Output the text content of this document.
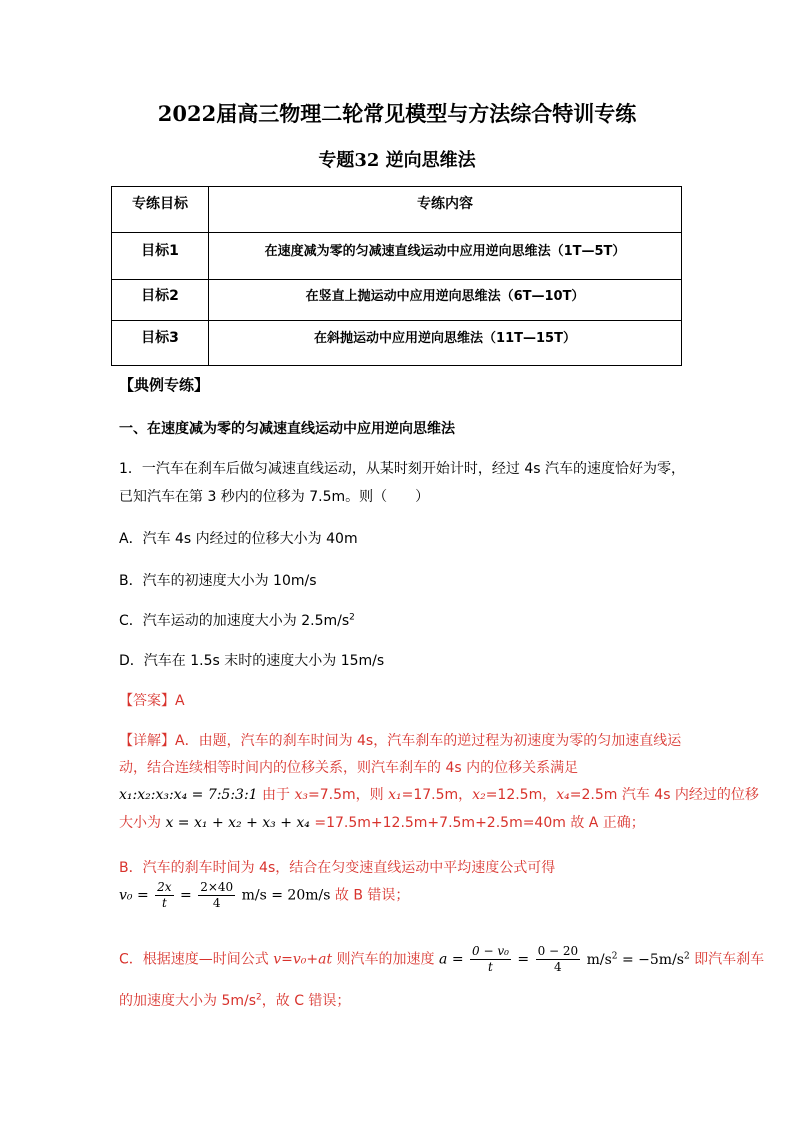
2022届高三物理二轮常见模型与方法综合特训专练
专题32 逆向思维法
专练目标	专练内容

目标1	在速度减为零的匀减速直线运动中应用逆向思维法（1T—5T）

目标2	在竖直上抛运动中应用逆向思维法（6T—10T）

目标3	在斜抛运动中应用逆向思维法（11T—15T）
【典例专练】
一、在速度减为零的匀减速直线运动中应用逆向思维法
1．一汽车在刹车后做匀减速直线运动，从某时刻开始计时，经过 4s 汽车的速度恰好为零，
已知汽车在第 3 秒内的位移为 7.5m。则（　　）
A．汽车 4s 内经过的位移大小为 40m
B．汽车的初速度大小为 10m/s
C．汽车运动的加速度大小为 $2.5m/s^2$
D．汽车在 1.5s 末时的速度大小为 15m/s
【答案】A
【详解】A．由题，汽车的刹车时间为 4s，汽车刹车的逆过程为初速度为零的匀加速直线运
动，结合连续相等时间内的位移关系，则汽车刹车的 4s 内的位移关系满足
x₁:x₂:x₃:x₄ = 7:5:3:1 由于 x₃=7.5m，则 x₁=17.5m，x₂=12.5m，x₄=2.5m 汽车 4s 内经过的位移
大小为 x = x₁ + x₂ + x₃ + x₄ =17.5m+12.5m+7.5m+2.5m=40m 故 A 正确；
B．汽车的刹车时间为 4s，结合在匀变速直线运动中平均速度公式可得
$v_0 = \frac{2x}{t} = \frac{2\times 40}{4} m/s = 20m/s$ 故 B 错误；
C．根据速度—时间公式 v=v₀+at 则汽车的加速度 $a = \frac{\text{0 − v₀}}{t} = \frac{0 - 20}{4} m/s^2 = -5m/s^2$ 即汽车刹车
的加速度大小为 $5m/s^2$，故 C 错误；
